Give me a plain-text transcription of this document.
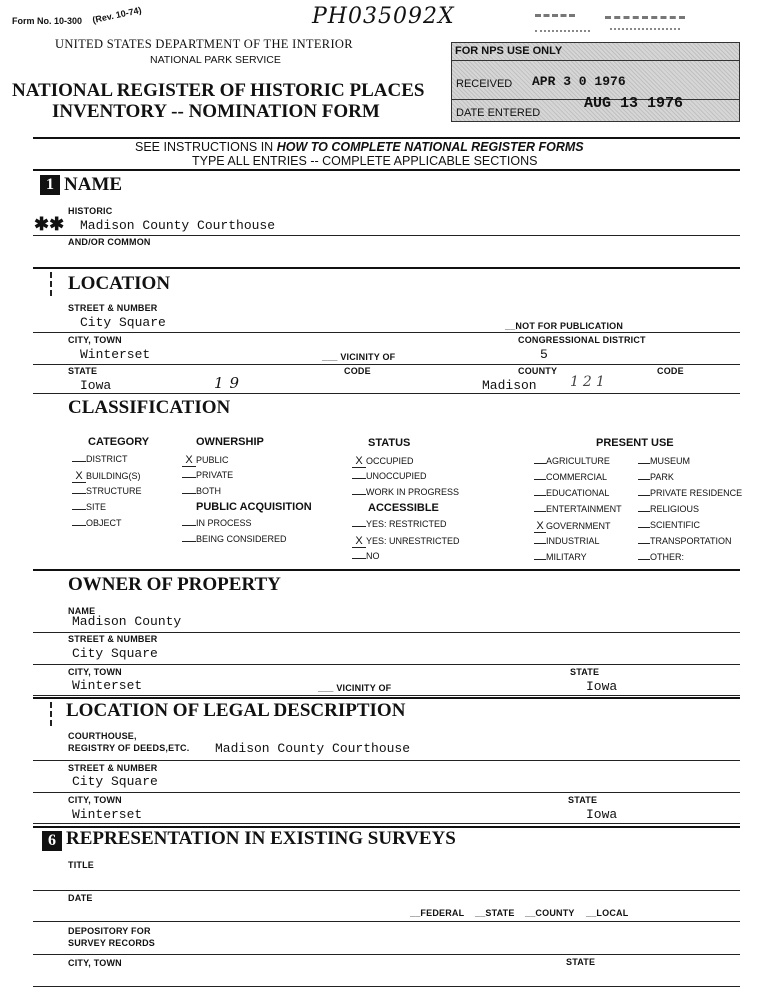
Form No. 10-300 (Rev. 10-74)	PH035092X
UNITED STATES DEPARTMENT OF THE INTERIOR
NATIONAL PARK SERVICE
NATIONAL REGISTER OF HISTORIC PLACES
INVENTORY -- NOMINATION FORM
FOR NPS USE ONLY
RECEIVED APR 3 0 1976
DATE ENTERED
AUG 13 1976
SEE INSTRUCTIONS IN HOW TO COMPLETE NATIONAL REGISTER FORMS
TYPE ALL ENTRIES -- COMPLETE APPLICABLE SECTIONS
1 NAME
HISTORIC
✱✱ Madison County Courthouse
AND/OR COMMON
LOCATION
STREET & NUMBER
City Square	__NOT FOR PUBLICATION
CITY, TOWN	CONGRESSIONAL DISTRICT
Winterset	___ VICINITY OF	5
STATE	CODE	COUNTY	CODE
Iowa	19	Madison 121
CLASSIFICATION
CATEGORY
DISTRICT
X BUILDING(S)
STRUCTURE
SITE
OBJECT
OWNERSHIP
X PUBLIC
PRIVATE
BOTH
PUBLIC ACQUISITION
IN PROCESS
BEING CONSIDERED
STATUS
X OCCUPIED
UNOCCUPIED
WORK IN PROGRESS
ACCESSIBLE
YES: RESTRICTED
X YES: UNRESTRICTED
NO
PRESENT USE
AGRICULTURE
COMMERCIAL
EDUCATIONAL
ENTERTAINMENT
X GOVERNMENT
INDUSTRIAL
MILITARY
MUSEUM
PARK
PRIVATE RESIDENCE
RELIGIOUS
SCIENTIFIC
TRANSPORTATION
OTHER:
OWNER OF PROPERTY
NAME
Madison County
STREET & NUMBER
City Square
CITY, TOWN	STATE
Winterset	___ VICINITY OF	Iowa
LOCATION OF LEGAL DESCRIPTION
COURTHOUSE,
REGISTRY OF DEEDS,ETC. Madison County Courthouse
STREET & NUMBER
City Square
CITY, TOWN	STATE
Winterset	Iowa
6 REPRESENTATION IN EXISTING SURVEYS
TITLE
DATE
__FEDERAL __STATE __COUNTY __LOCAL
DEPOSITORY FOR
SURVEY RECORDS
CITY, TOWN	STATE
